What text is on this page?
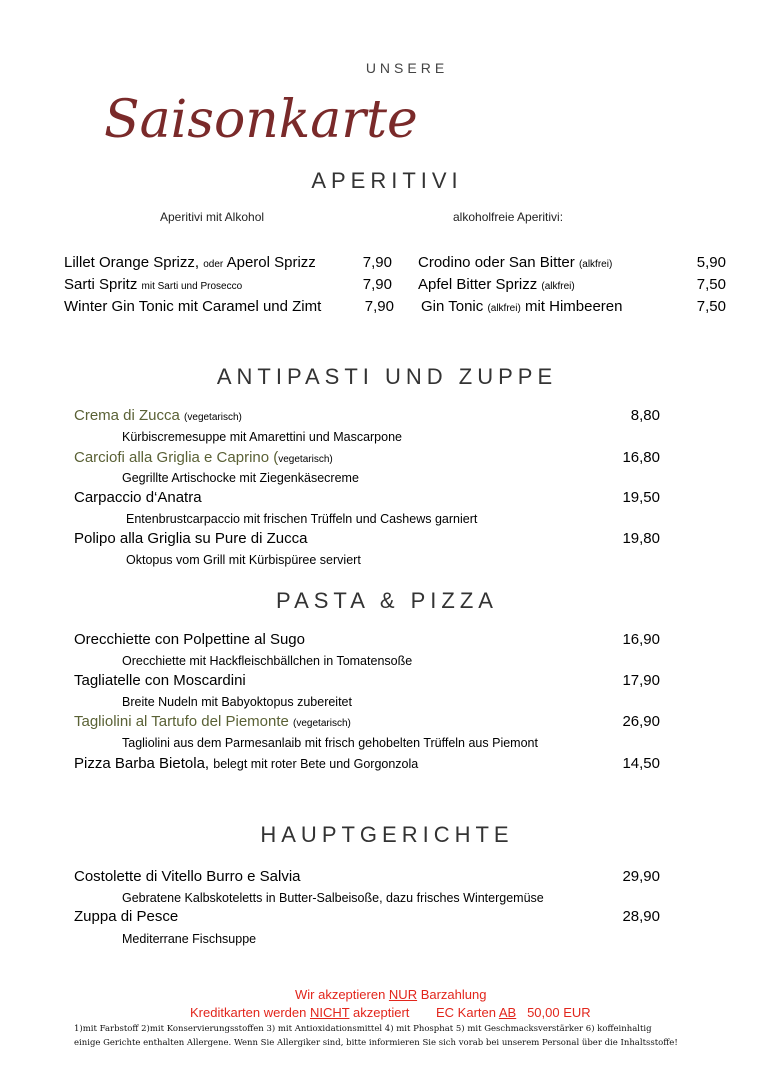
UNSERE
Saisonkarte
APERITIVI
Aperitivi mit Alkohol	alkoholfreie Aperitivi:
Lillet Orange Sprizz, oder Aperol Sprizz	7,90
Sarti Spritz mit Sarti und Prosecco	7,90
Winter Gin Tonic mit Caramel und Zimt	7,90
Crodino oder San Bitter (alkfrei)	5,90
Apfel Bitter Sprizz (alkfrei)	7,50
Gin Tonic (alkfrei) mit Himbeeren	7,50
ANTIPASTI UND ZUPPE
Crema di Zucca (vegetarisch)	8,80
Kürbiscremesuppe mit Amarettini und Mascarpone
Carciofi alla Griglia e Caprino (vegetarisch)	16,80
Gegrillte Artischocke mit Ziegenkäsecreme
Carpaccio d‘Anatra	19,50
Entenbrustcarpaccio mit frischen Trüffeln und Cashews garniert
Polipo alla Griglia su Pure di Zucca	19,80
Oktopus vom Grill mit Kürbispüree serviert
PASTA & PIZZA
Orecchiette con Polpettine al Sugo	16,90
Orecchiette mit Hackfleischbällchen in Tomatensoße
Tagliatelle con Moscardini	17,90
Breite Nudeln mit Babyoktopus zubereitet
Tagliolini al Tartufo del Piemonte (vegetarisch)	26,90
Tagliolini aus dem Parmesanlaib mit frisch gehobelten Trüffeln aus Piemont
Pizza Barba Bietola, belegt mit roter Bete und Gorgonzola	14,50
HAUPTGERICHTE
Costolette di Vitello Burro e Salvia	29,90
Gebratene Kalbskoteletts in Butter-Salbeisoße, dazu frisches Wintergemüse
Zuppa di Pesce	28,90
Mediterrane Fischsuppe
Wir akzeptieren NUR Barzahlung
Kreditkarten werden NICHT akzeptiert EC Karten AB 50,00 EUR
1)mit Farbstoff 2)mit Konservierungsstoffen 3) mit Antioxidationsmittel 4) mit Phosphat 5) mit Geschmacksverstärker 6) koffeinhaltig
einige Gerichte enthalten Allergene. Wenn Sie Allergiker sind, bitte informieren Sie sich vorab bei unserem Personal über die Inhaltsstoffe!
